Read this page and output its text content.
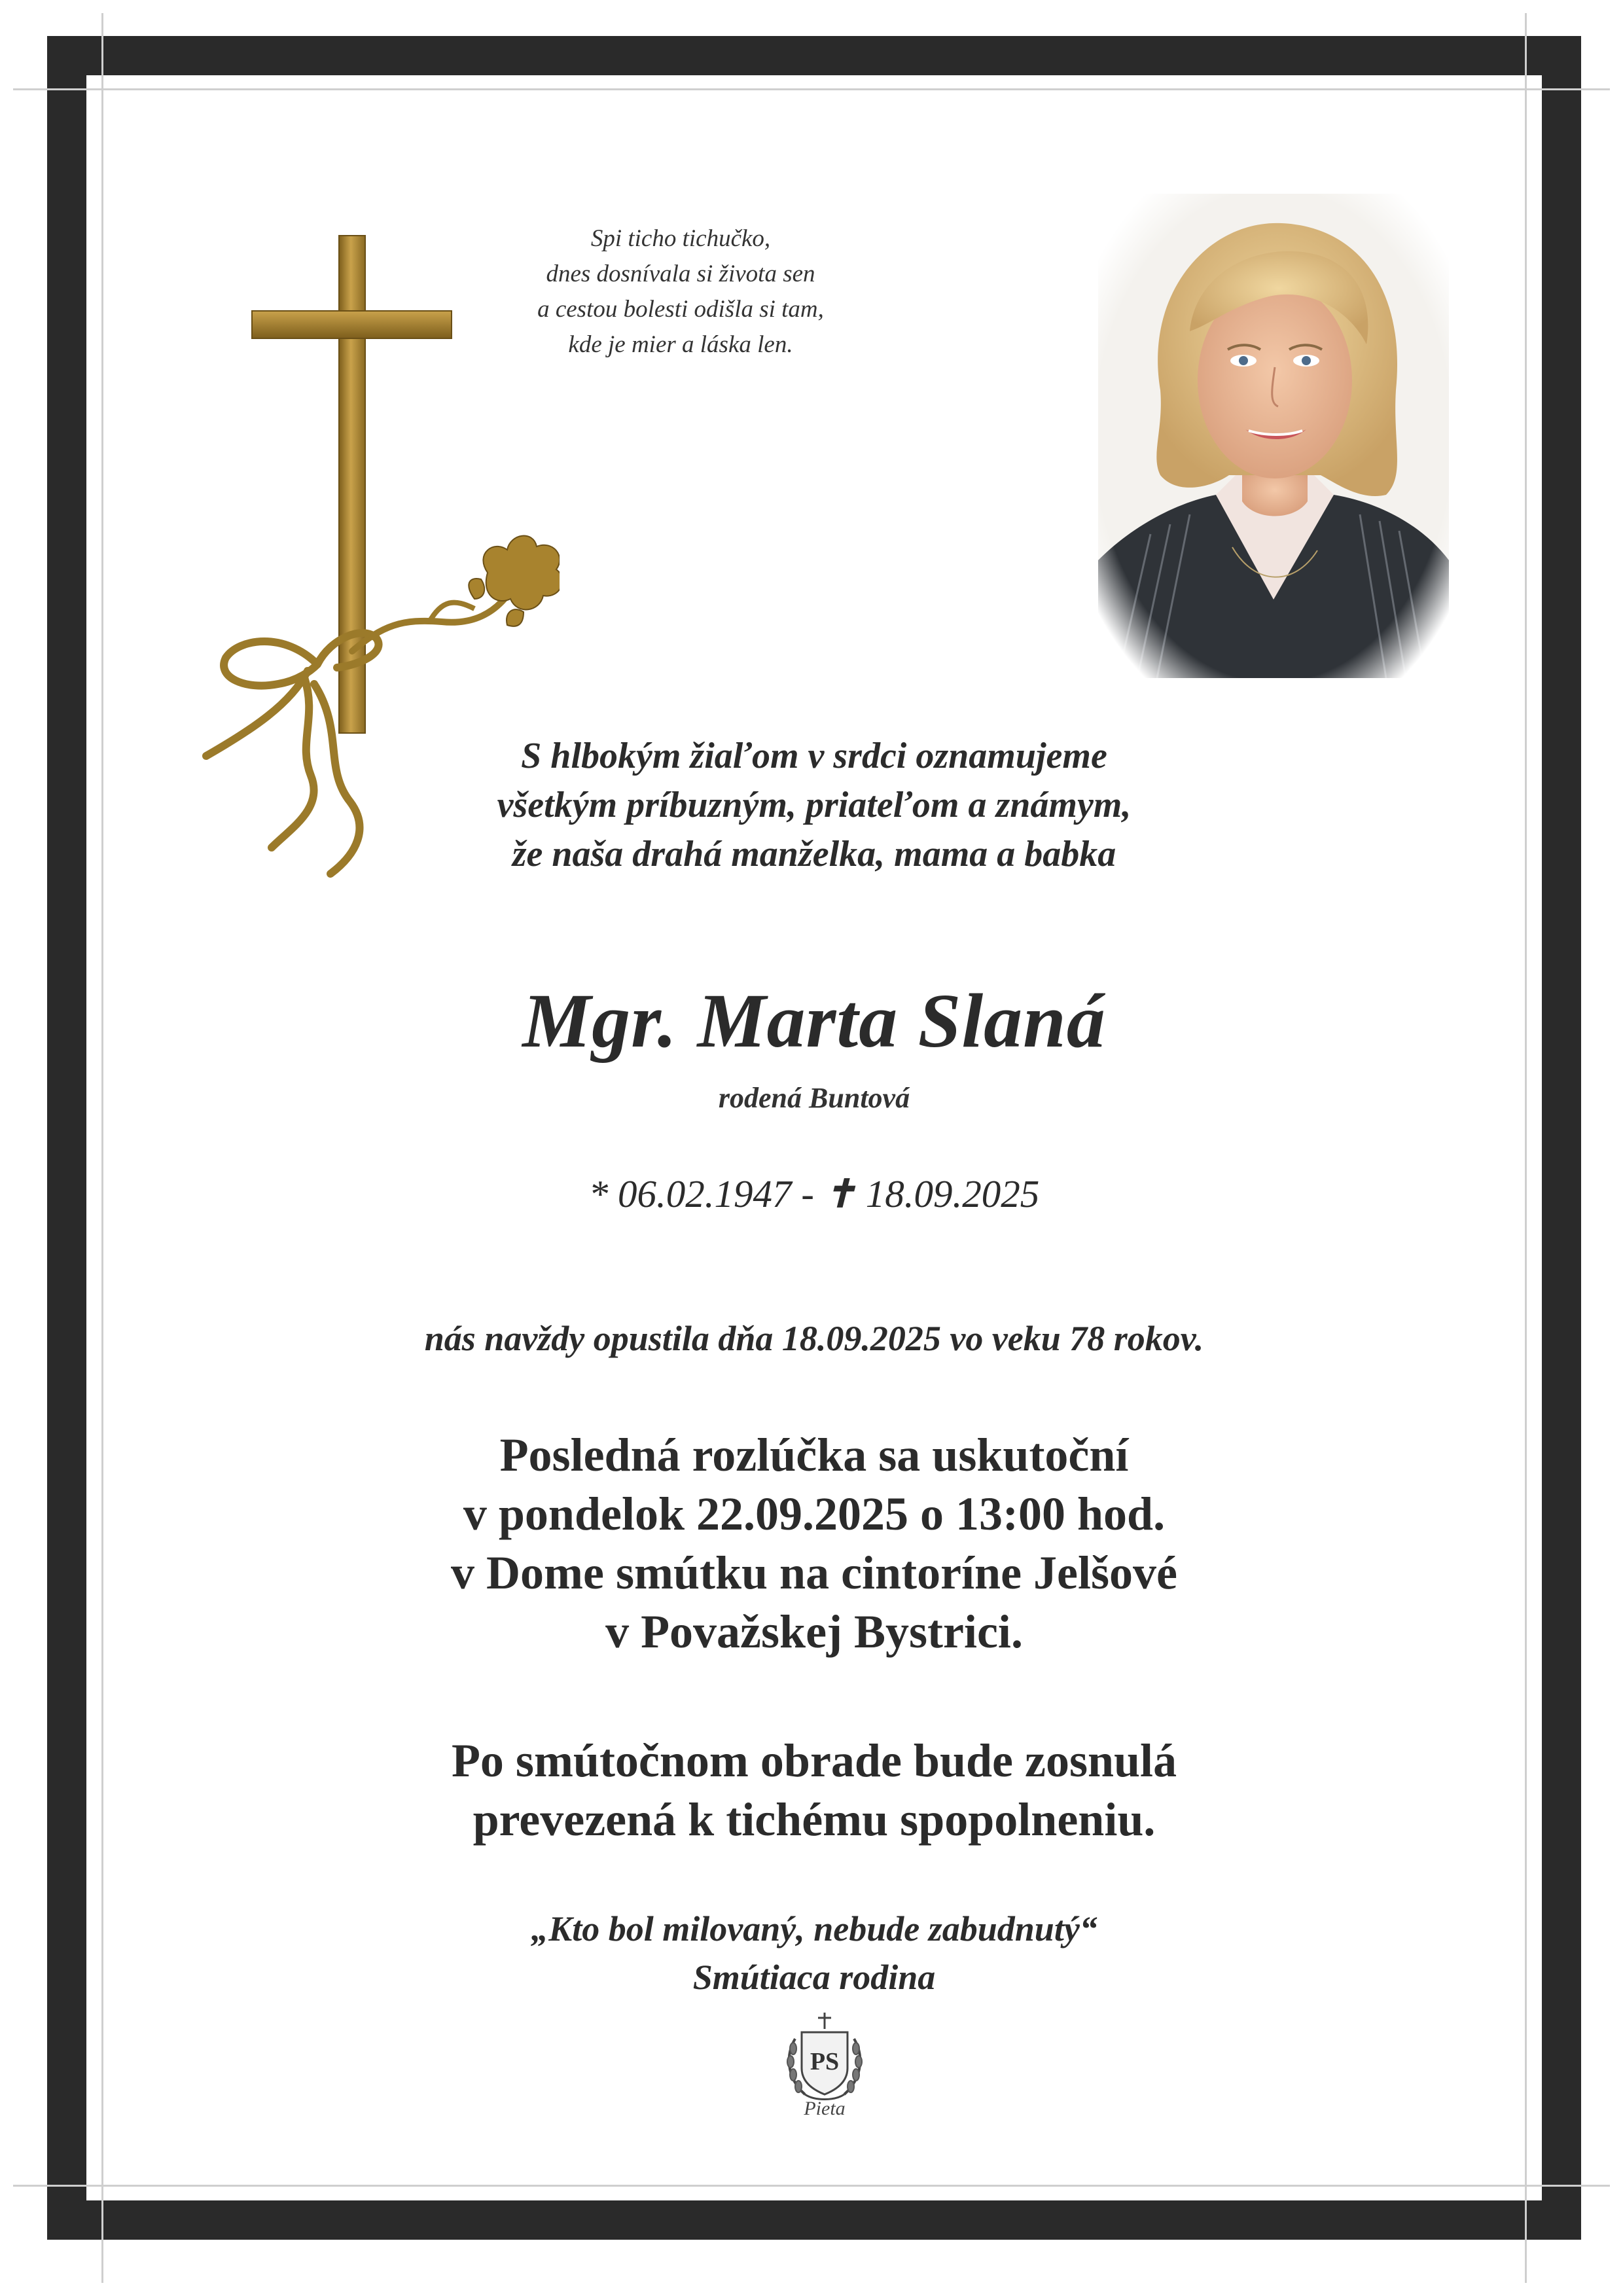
Spi ticho tichučko,
dnes dosnívala si života sen
a cestou bolesti odišla si tam,
kde je mier a láska len.
S hlbokým žiaľom v srdci oznamujeme
všetkým príbuzným, priateľom a známym,
že naša drahá manželka, mama a babka
Mgr. Marta Slaná
rodená Buntová
* 06.02.1947 - ✝ 18.09.2025
nás navždy opustila dňa 18.09.2025 vo veku 78 rokov.
Posledná rozlúčka sa uskutoční
v pondelok 22.09.2025 o 13:00 hod.
v Dome smútku na cintoríne Jelšové
v Považskej Bystrici.
Po smútočnom obrade bude zosnulá
prevezená k tichému spopolneniu.
„Kto bol milovaný, nebude zabudnutý“
Smútiaca rodina
PS
Pieta
